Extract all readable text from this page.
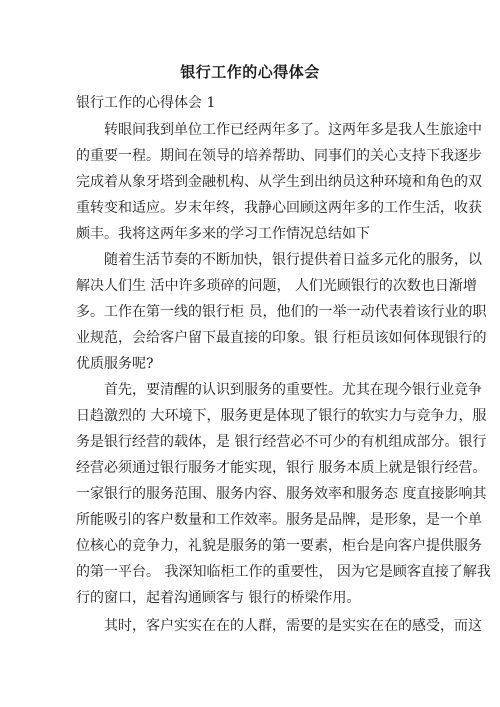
银行工作的心得体会
银行工作的心得体会 1
转眼间我到单位工作已经两年多了。这两年多是我人生旅途中
的重要一程。期间在领导的培养帮助、同事们的关心支持下我逐步
完成着从象牙塔到金融机构、从学生到出纳员这种环境和角色的双
重转变和适应。岁末年终，我静心回顾这两年多的工作生活，收获
颇丰。我将这两年多来的学习工作情况总结如下
随着生活节奏的不断加快，银行提供着日益多元化的服务，以
解决人们生 活中许多琐碎的问题， 人们光顾银行的次数也日渐增
多。工作在第一线的银行柜 员，他们的一举一动代表着该行业的职
业规范，会给客户留下最直接的印象。银 行柜员该如何体现银行的
优质服务呢?
首先，要清醒的认识到服务的重要性。尤其在现今银行业竞争
日趋激烈的 大环境下，服务更是体现了银行的软实力与竞争力，服
务是银行经营的载体，是 银行经营必不可少的有机组成部分。银行
经营必须通过银行服务才能实现，银行 服务本质上就是银行经营。
一家银行的服务范围、服务内容、服务效率和服务态 度直接影响其
所能吸引的客户数量和工作效率。服务是品牌，是形象，是一个单
位核心的竞争力，礼貌是服务的第一要素，柜台是向客户提供服务
的第一平台。 我深知临柜工作的重要性， 因为它是顾客直接了解我
行的窗口，起着沟通顾客与 银行的桥梁作用。
其时，客户实实在在的人群，需要的是实实在在的感受，而这
